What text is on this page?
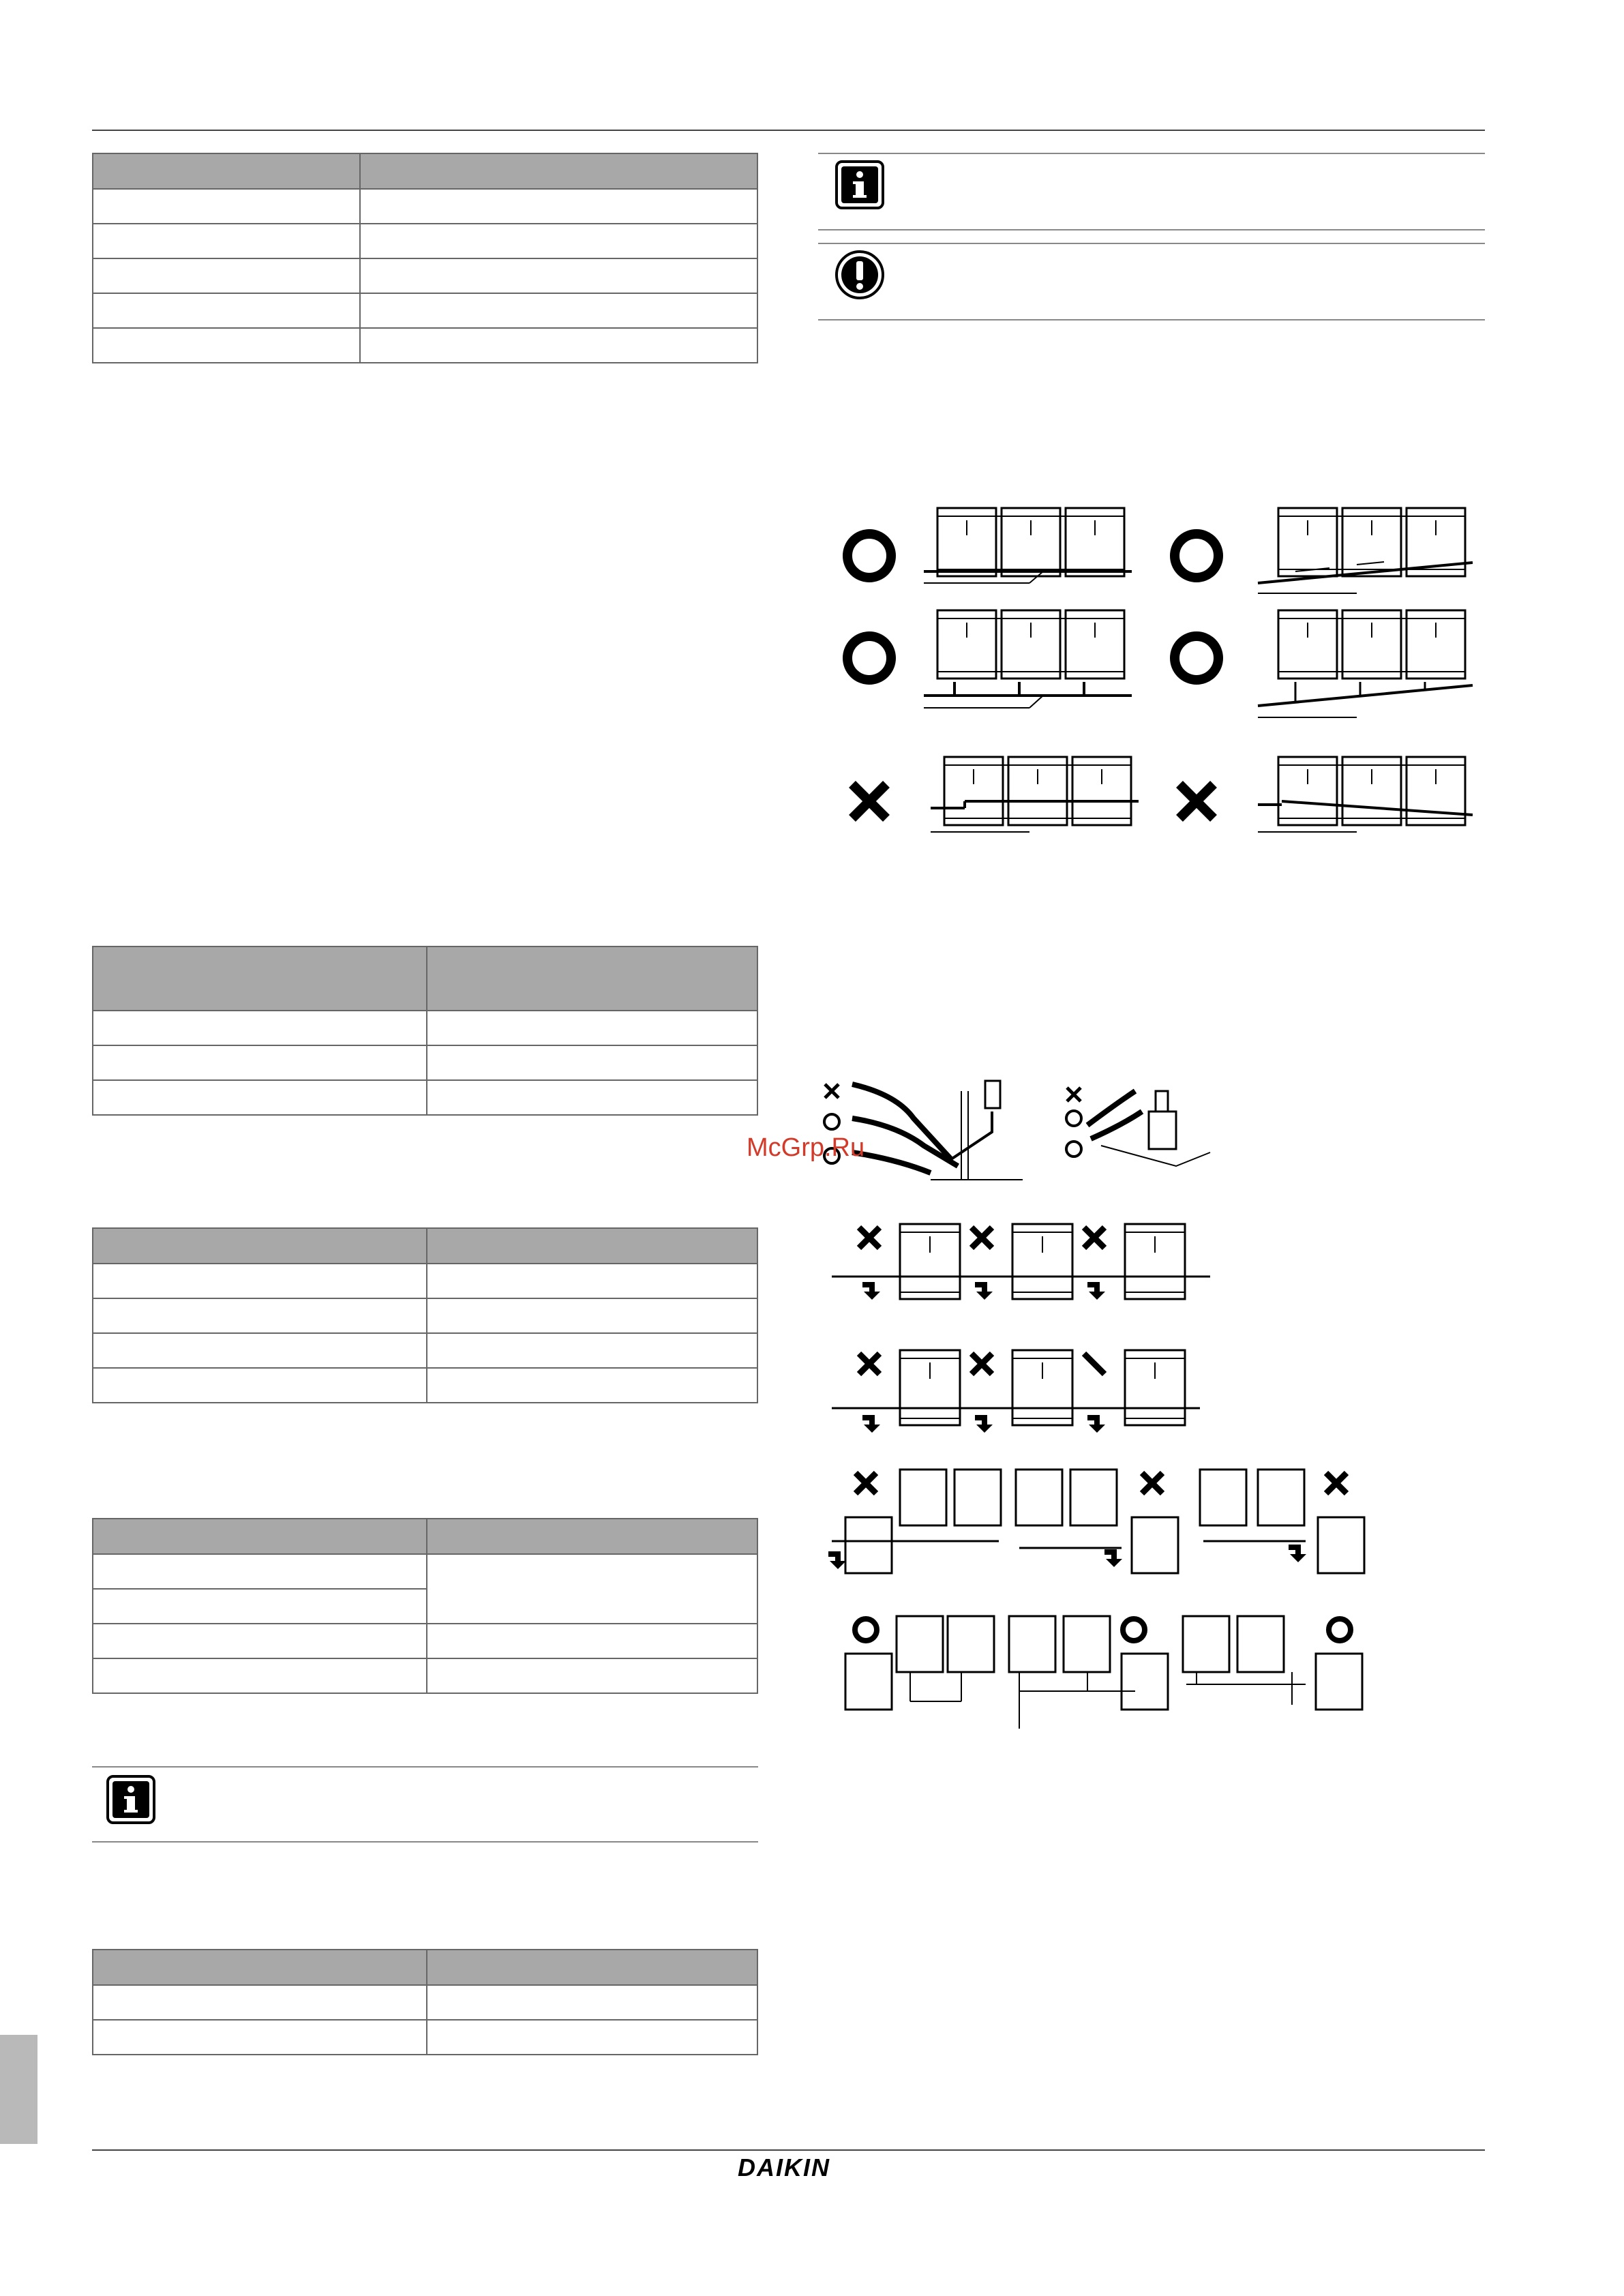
McGrp.Ru
DAIKIN
